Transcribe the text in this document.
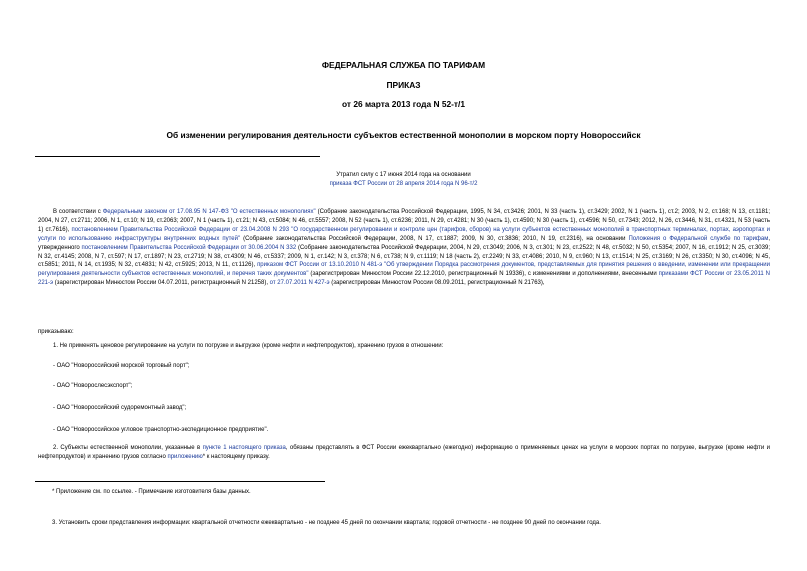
ФЕДЕРАЛЬНАЯ СЛУЖБА ПО ТАРИФАМ
ПРИКАЗ
от 26 марта 2013 года N 52-т/1
Об изменении регулирования деятельности субъектов естественной монополии в морском порту Новороссийск
Утратил силу с 17 июня 2014 года на основании
приказа ФСТ России от 28 апреля 2014 года N 96-т/2
В соответствии с Федеральным законом от 17.08.95 N 147-ФЗ "О естественных монополиях" (Собрание законодательства Российской Федерации, 1995, N 34, ст.3426; 2001, N 33 (часть 1), ст.3429; 2002, N 1 (часть 1), ст.2; 2003, N 2, ст.168; N 13, ст.1181; 2004, N 27, ст.2711; 2006, N 1, ст.10; N 19, ст.2063; 2007, N 1 (часть 1), ст.21; N 43, ст.5084; N 46, ст.5557; 2008, N 52 (часть 1), ст.6236; 2011, N 29, ст.4281; N 30 (часть 1), ст.4590; N 30 (часть 1), ст.4596; N 50, ст.7343; 2012, N 26, ст.3446, N 31, ст.4321, N 53 (часть 1) ст.7616), постановлением Правительства Российской Федерации от 23.04.2008 N 293 "О государственном регулировании и контроле цен (тарифов, сборов) на услуги субъектов естественных монополий в транспортных терминалах, портах, аэропортах и услуги по использованию инфраструктуры внутренних водных путей" (Собрание законодательства Российской Федерации, 2008, N 17, ст.1887; 2009, N 30, ст.3836; 2010, N 19, ст.2316), на основании Положения о Федеральной службе по тарифам, утвержденного постановлением Правительства Российской Федерации от 30.06.2004 N 332 (Собрание законодательства Российской Федерации, 2004, N 29, ст.3049; 2006, N 3, ст.301; N 23, ст.2522; N 48, ст.5032; N 50, ст.5354; 2007, N 16, ст.1912; N 25, ст.3039; N 32, ст.4145; 2008, N 7, ст.597; N 17, ст.1897; N 23, ст.2719; N 38, ст.4309; N 46, ст.5337; 2009, N 1, ст.142; N 3, ст.378; N 6, ст.738; N 9, ст.1119; N 18 (часть 2), ст.2249; N 33, ст.4086; 2010, N 9, ст.960; N 13, ст.1514; N 25, ст.3169; N 26, ст.3350; N 30, ст.4096; N 45, ст.5851; 2011, N 14, ст.1935; N 32, ст.4831; N 42, ст.5925; 2013, N 11, ст.1126), приказом ФСТ России от 13.10.2010 N 481-э "Об утверждении Порядка рассмотрения документов, представляемых для принятия решения о введении, изменении или прекращении регулирования деятельности субъектов естественных монополий, и перечня таких документов" (зарегистрирован Минюстом России 22.12.2010, регистрационный N 19336), с изменениями и дополнениями, внесенными приказами ФСТ России от 23.05.2011 N 221-э (зарегистрирован Минюстом России 04.07.2011, регистрационный N 21258), от 27.07.2011 N 427-э (зарегистрирован Минюстом России 08.09.2011, регистрационный N 21763),
приказываю:
1. Не применять ценовое регулирование на услуги по погрузке и выгрузке (кроме нефти и нефтепродуктов), хранению грузов в отношении:
- ОАО "Новороссийский морской торговый порт";
- ОАО "Новорослесэкспорт";
- ОАО "Новороссийский судоремонтный завод";
- ОАО "Новороссийское угловое транспортно-экспедиционное предприятие".
2. Субъекты естественной монополии, указанные в пункте 1 настоящего приказа, обязаны представлять в ФСТ России ежеквартально (ежегодно) информацию о применяемых ценах на услуги в морских портах по погрузке, выгрузке (кроме нефти и нефтепродуктов) и хранению грузов согласно приложению* к настоящему приказу.
* Приложение см. по ссылке. - Примечание изготовителя базы данных.
3. Установить сроки представления информации: квартальной отчетности ежеквартально - не позднее 45 дней по окончании квартала; годовой отчетности - не позднее 90 дней по окончании года.
